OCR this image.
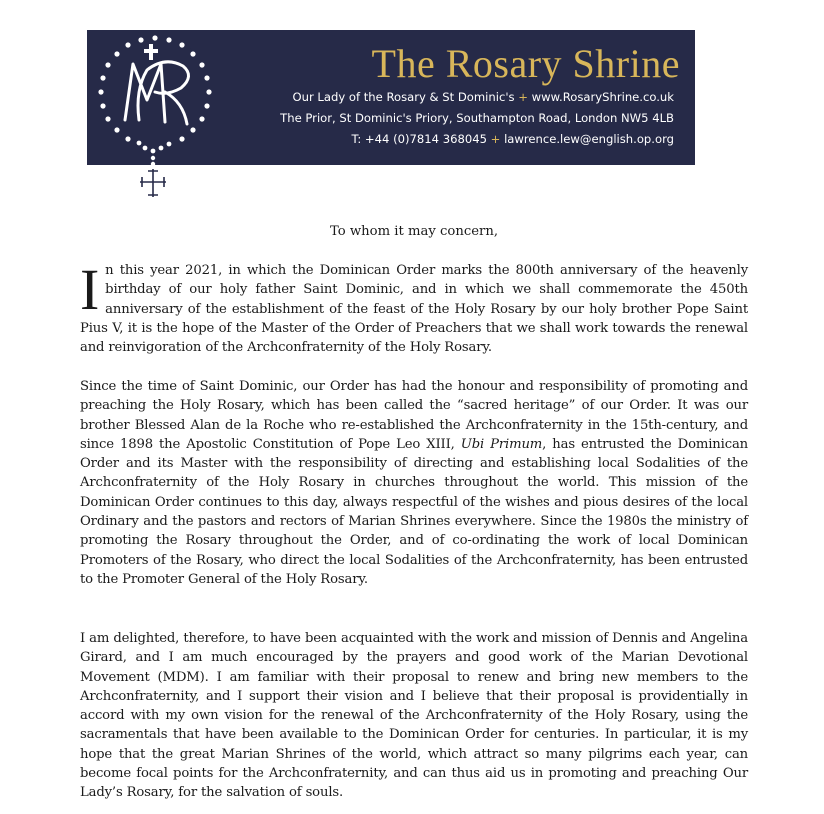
The Rosary Shrine
Our Lady of the Rosary & St Dominic's + www.RosaryShrine.co.uk
The Prior, St Dominic's Priory, Southampton Road, London NW5 4LB
T: +44 (0)7814 368045 + lawrence.lew@english.op.org
To whom it may concern,

In this year 2021, in which the Dominican Order marks the 800th anniversary of the heavenly birthday of our holy father Saint Dominic, and in which we shall commemorate the 450th anniversary of the establishment of the feast of the Holy Rosary by our holy brother Pope Saint Pius V, it is the hope of the Master of the Order of Preachers that we shall work towards the renewal and reinvigoration of the Archconfraternity of the Holy Rosary.

Since the time of Saint Dominic, our Order has had the honour and responsibility of promoting and preaching the Holy Rosary, which has been called the “sacred heritage” of our Order. It was our brother Blessed Alan de la Roche who re-established the Archconfraternity in the 15th-century, and since 1898 the Apostolic Constitution of Pope Leo XIII, Ubi Primum, has entrusted the Dominican Order and its Master with the responsibility of directing and establishing local Sodalities of the Archconfraternity of the Holy Rosary in churches throughout the world. This mission of the Dominican Order continues to this day, always respectful of the wishes and pious desires of the local Ordinary and the pastors and rectors of Marian Shrines everywhere. Since the 1980s the ministry of promoting the Rosary throughout the Order, and of co-ordinating the work of local Dominican Promoters of the Rosary, who direct the local Sodalities of the Archconfraternity, has been entrusted to the Promoter General of the Holy Rosary.

I am delighted, therefore, to have been acquainted with the work and mission of Dennis and Angelina Girard, and I am much encouraged by the prayers and good work of the Marian Devotional Movement (MDM). I am familiar with their proposal to renew and bring new members to the Archconfraternity, and I support their vision and I believe that their proposal is providentially in accord with my own vision for the renewal of the Archconfraternity of the Holy Rosary, using the sacramentals that have been available to the Dominican Order for centuries. In particular, it is my hope that the great Marian Shrines of the world, which attract so many pilgrims each year, can become focal points for the Archconfraternity, and can thus aid us in promoting and preaching Our Lady’s Rosary, for the salvation of souls.
